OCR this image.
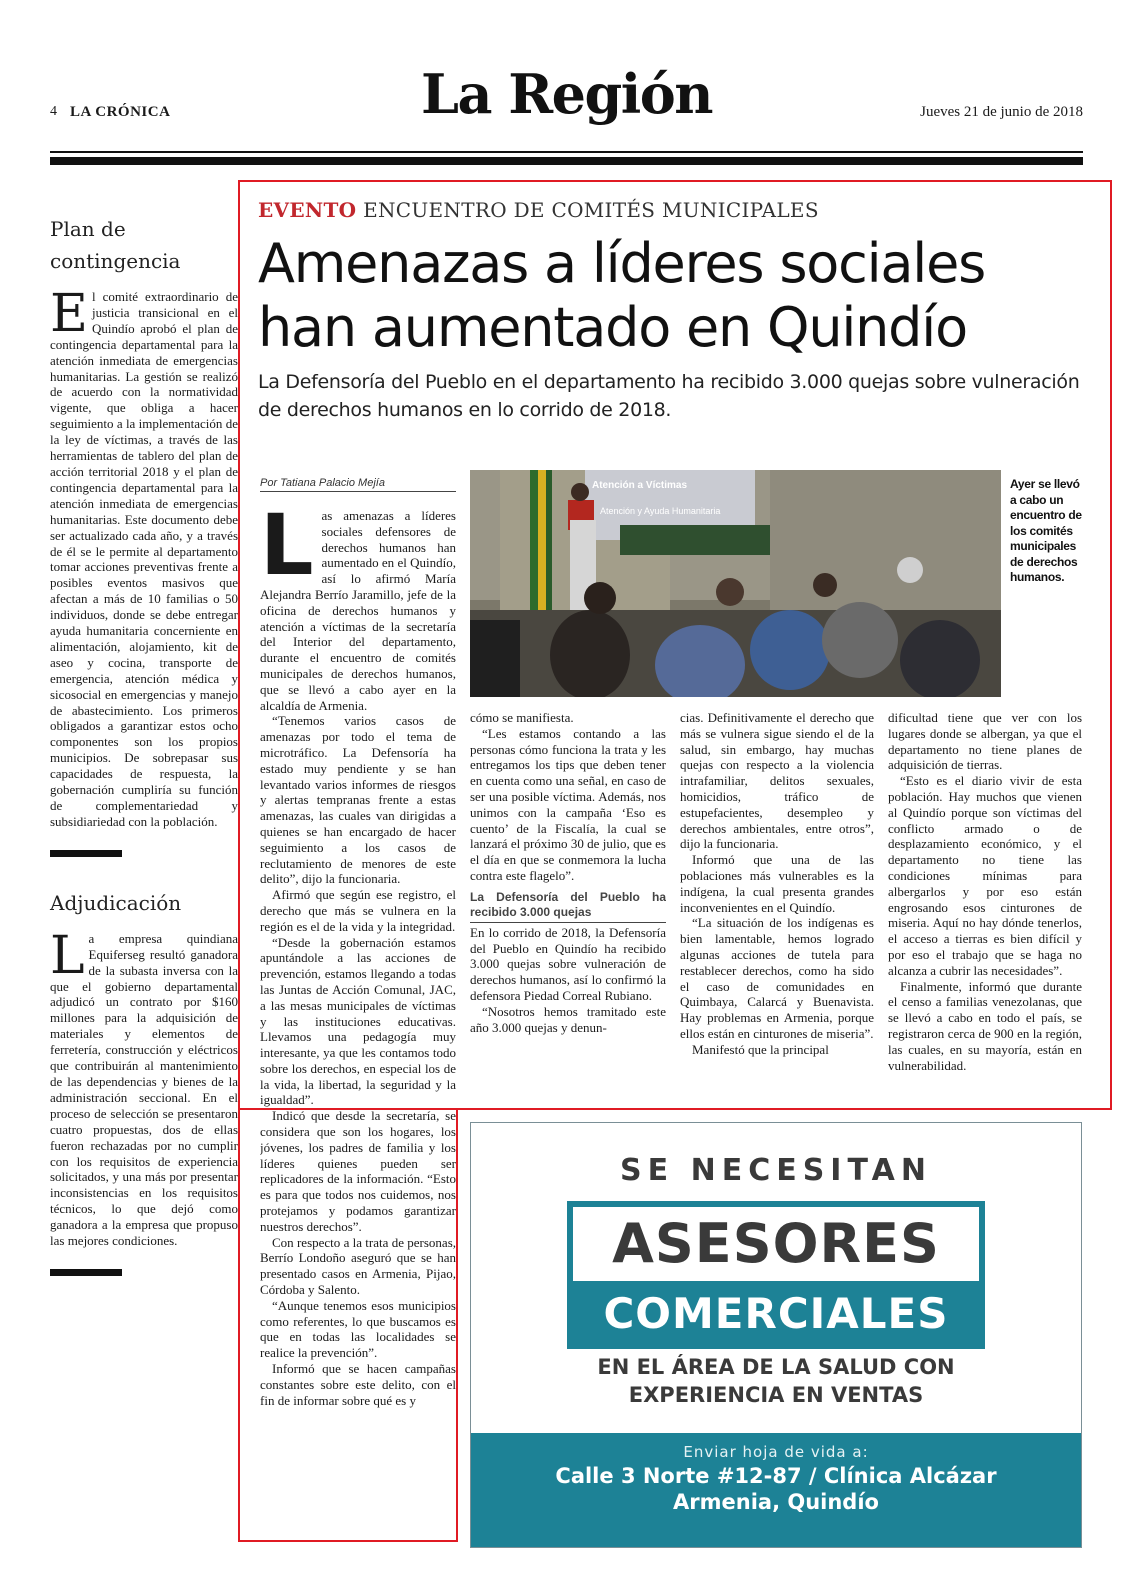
4 LA CRÓNICA	La Región	Jueves 21 de junio de 2018
Plan de contingencia
El comité extraordinario de justicia transicional en el Quindío aprobó el plan de contingencia departamental para la atención inmediata de emergencias humanitarias. La gestión se realizó de acuerdo con la normatividad vigente, que obliga a hacer seguimiento a la implementación de la ley de víctimas, a través de las herramientas de tablero del plan de acción territorial 2018 y el plan de contingencia departamental para la atención inmediata de emergencias humanitarias. Este documento debe ser actualizado cada año, y a través de él se le permite al departamento tomar acciones preventivas frente a posibles eventos masivos que afectan a más de 10 familias o 50 individuos, donde se debe entregar ayuda humanitaria concerniente en alimentación, alojamiento, kit de aseo y cocina, transporte de emergencia, atención médica y sicosocial en emergencias y manejo de abastecimiento. Los primeros obligados a garantizar estos ocho componentes son los propios municipios. De sobrepasar sus capacidades de respuesta, la gobernación cumpliría su función de complementariedad y subsidiariedad con la población.
Adjudicación
La empresa quindiana Equiferseg resultó ganadora de la subasta inversa con la que el gobierno departamental adjudicó un contrato por $160 millones para la adquisición de materiales y elementos de ferretería, construcción y eléctricos que contribuirán al mantenimiento de las dependencias y bienes de la administración seccional. En el proceso de selección se presentaron cuatro propuestas, dos de ellas fueron rechazadas por no cumplir con los requisitos de experiencia solicitados, y una más por presentar inconsistencias en los requisitos técnicos, lo que dejó como ganadora a la empresa que propuso las mejores condiciones.
EVENTO ENCUENTRO DE COMITÉS MUNICIPALES
Amenazas a líderes sociales han aumentado en Quindío

La Defensoría del Pueblo en el departamento ha recibido 3.000 quejas sobre vulneración de derechos humanos en lo corrido de 2018.

Por Tatiana Palacio Mejía

Las amenazas a líderes sociales defensores de derechos humanos han aumentado en el Quindío, así lo afirmó María Alejandra Berrío Jaramillo, jefe de la oficina de derechos humanos y atención a víctimas de la secretaría del Interior del departamento, durante el encuentro de comités municipales de derechos humanos, que se llevó a cabo ayer en la alcaldía de Armenia.

“Tenemos varios casos de amenazas por todo el tema de microtráfico. La Defensoría ha estado muy pendiente y se han levantado varios informes de riesgos y alertas tempranas frente a estas amenazas, las cuales van dirigidas a quienes se han encargado de hacer seguimiento a los casos de reclutamiento de menores de este delito”, dijo la funcionaria.

Afirmó que según ese registro, el derecho que más se vulnera en la región es el de la vida y la integridad.

“Desde la gobernación estamos apuntándole a las acciones de prevención, estamos llegando a todas las Juntas de Acción Comunal, JAC, a las mesas municipales de víctimas y las instituciones educativas. Llevamos una pedagogía muy interesante, ya que les contamos todo sobre los derechos, en especial los de la vida, la libertad, la seguridad y la igualdad”.

Indicó que desde la secretaría, se considera que son los hogares, los jóvenes, los padres de familia y los líderes quienes pueden ser replicadores de la información. “Esto es para que todos nos cuidemos, nos protejamos y podamos garantizar nuestros derechos”.

Con respecto a la trata de personas, Berrío Londoño aseguró que se han presentado casos en Armenia, Pijao, Córdoba y Salento.

“Aunque tenemos esos municipios como referentes, lo que buscamos es que en todas las localidades se realice la prevención”.

Informó que se hacen campañas constantes sobre este delito, con el fin de informar sobre qué es y

Atención a Víctimas
Atención y Ayuda Humanitaria
Ayer se llevó a cabo un encuentro de los comités municipales de derechos humanos.

cómo se manifiesta.

“Les estamos contando a las personas cómo funciona la trata y les entregamos los tips que deben tener en cuenta como una señal, en caso de ser una posible víctima. Además, nos unimos con la campaña ‘Eso es cuento’ de la Fiscalía, la cual se lanzará el próximo 30 de julio, que es el día en que se conmemora la lucha contra este flagelo”.

La Defensoría del Pueblo ha recibido 3.000 quejas

En lo corrido de 2018, la Defensoría del Pueblo en Quindío ha recibido 3.000 quejas sobre vulneración de derechos humanos, así lo confirmó la defensora Piedad Correal Rubiano.

“Nosotros hemos tramitado este año 3.000 quejas y denun-

cias. Definitivamente el derecho que más se vulnera sigue siendo el de la salud, sin embargo, hay muchas quejas con respecto a la violencia intrafamiliar, delitos sexuales, homicidios, tráfico de estupefacientes, desempleo y derechos ambientales, entre otros”, dijo la funcionaria.

Informó que una de las poblaciones más vulnerables es la indígena, la cual presenta grandes inconvenientes en el Quindío.

“La situación de los indígenas es bien lamentable, hemos logrado algunas acciones de tutela para restablecer derechos, como ha sido el caso de comunidades en Quimbaya, Calarcá y Buenavista. Hay problemas en Armenia, porque ellos están en cinturones de miseria”.

Manifestó que la principal

dificultad tiene que ver con los lugares donde se albergan, ya que el departamento no tiene planes de adquisición de tierras.

“Esto es el diario vivir de esta población. Hay muchos que vienen al Quindío porque son víctimas del conflicto armado o de desplazamiento económico, y el departamento no tiene las condiciones mínimas para albergarlos y por eso están engrosando esos cinturones de miseria. Aquí no hay dónde tenerlos, el acceso a tierras es bien difícil y por eso el trabajo que se haga no alcanza a cubrir las necesidades”.

Finalmente, informó que durante el censo a familias venezolanas, que se llevó a cabo en todo el país, se registraron cerca de 900 en la región, las cuales, en su mayoría, están en vulnerabilidad.

SE NECESITAN
ASESORES
COMERCIALES
EN EL ÁREA DE LA SALUD CON
EXPERIENCIA EN VENTAS
Enviar hoja de vida a:
Calle 3 Norte #12-87 / Clínica Alcázar
Armenia, Quindío
